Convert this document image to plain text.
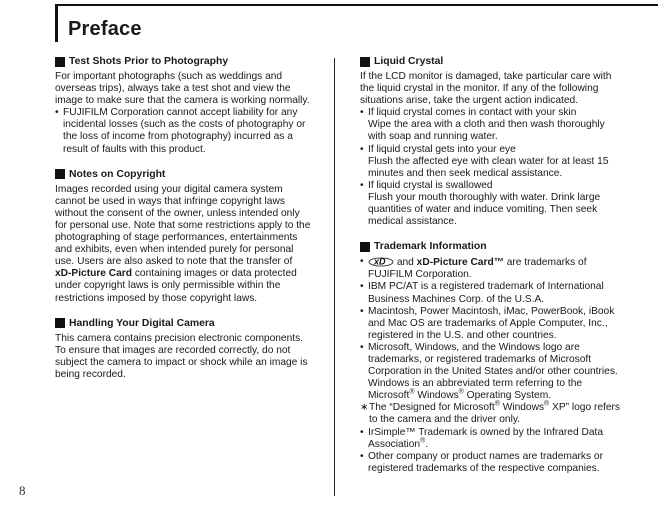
Preface
Test Shots Prior to Photography

For important photographs (such as weddings and overseas trips), always take a test shot and view the image to make sure that the camera is working normally.

• FUJIFILM Corporation cannot accept liability for any incidental losses (such as the costs of photography or the loss of income from photography) incurred as a result of faults with this product.
Notes on Copyright

Images recorded using your digital camera system cannot be used in ways that infringe copyright laws without the consent of the owner, unless intended only for personal use. Note that some restrictions apply to the photographing of stage performances, entertainments and exhibits, even when intended purely for personal use. Users are also asked to note that the transfer of
xD-Picture Card containing images or data protected under copyright laws is only permissible within the restrictions imposed by those copyright laws.

Handling Your Digital Camera

This camera contains precision electronic components. To ensure that images are recorded correctly, do not subject the camera to impact or shock while an image is being recorded.

Liquid Crystal

If the LCD monitor is damaged, take particular care with the liquid crystal in the monitor. If any of the following situations arise, take the urgent action indicated.

• If liquid crystal comes in contact with your skin
Wipe the area with a cloth and then wash thoroughly with soap and running water.
• If liquid crystal gets into your eye
Flush the affected eye with clean water for at least 15 minutes and then seek medical assistance.
• If liquid crystal is swallowed
Flush your mouth thoroughly with water. Drink large quantities of water and induce vomiting. Then seek medical assistance.
Trademark Information
• xD and xD-Picture Card™ are trademarks of FUJIFILM Corporation.
• IBM PC/AT is a registered trademark of International Business Machines Corp. of the U.S.A.
• Macintosh, Power Macintosh, iMac, PowerBook, iBook and Mac OS are trademarks of Apple Computer, Inc., registered in the U.S. and other countries.
• Microsoft, Windows, and the Windows logo are trademarks, or registered trademarks of Microsoft Corporation in the United States and/or other countries. Windows is an abbreviated term referring to the Microsoft® Windows® Operating System.
∗ The “Designed for Microsoft® Windows® XP” logo refers to the camera and the driver only.
• IrSimple™ Trademark is owned by the Infrared Data Association®.
• Other company or product names are trademarks or registered trademarks of the respective companies.
8
